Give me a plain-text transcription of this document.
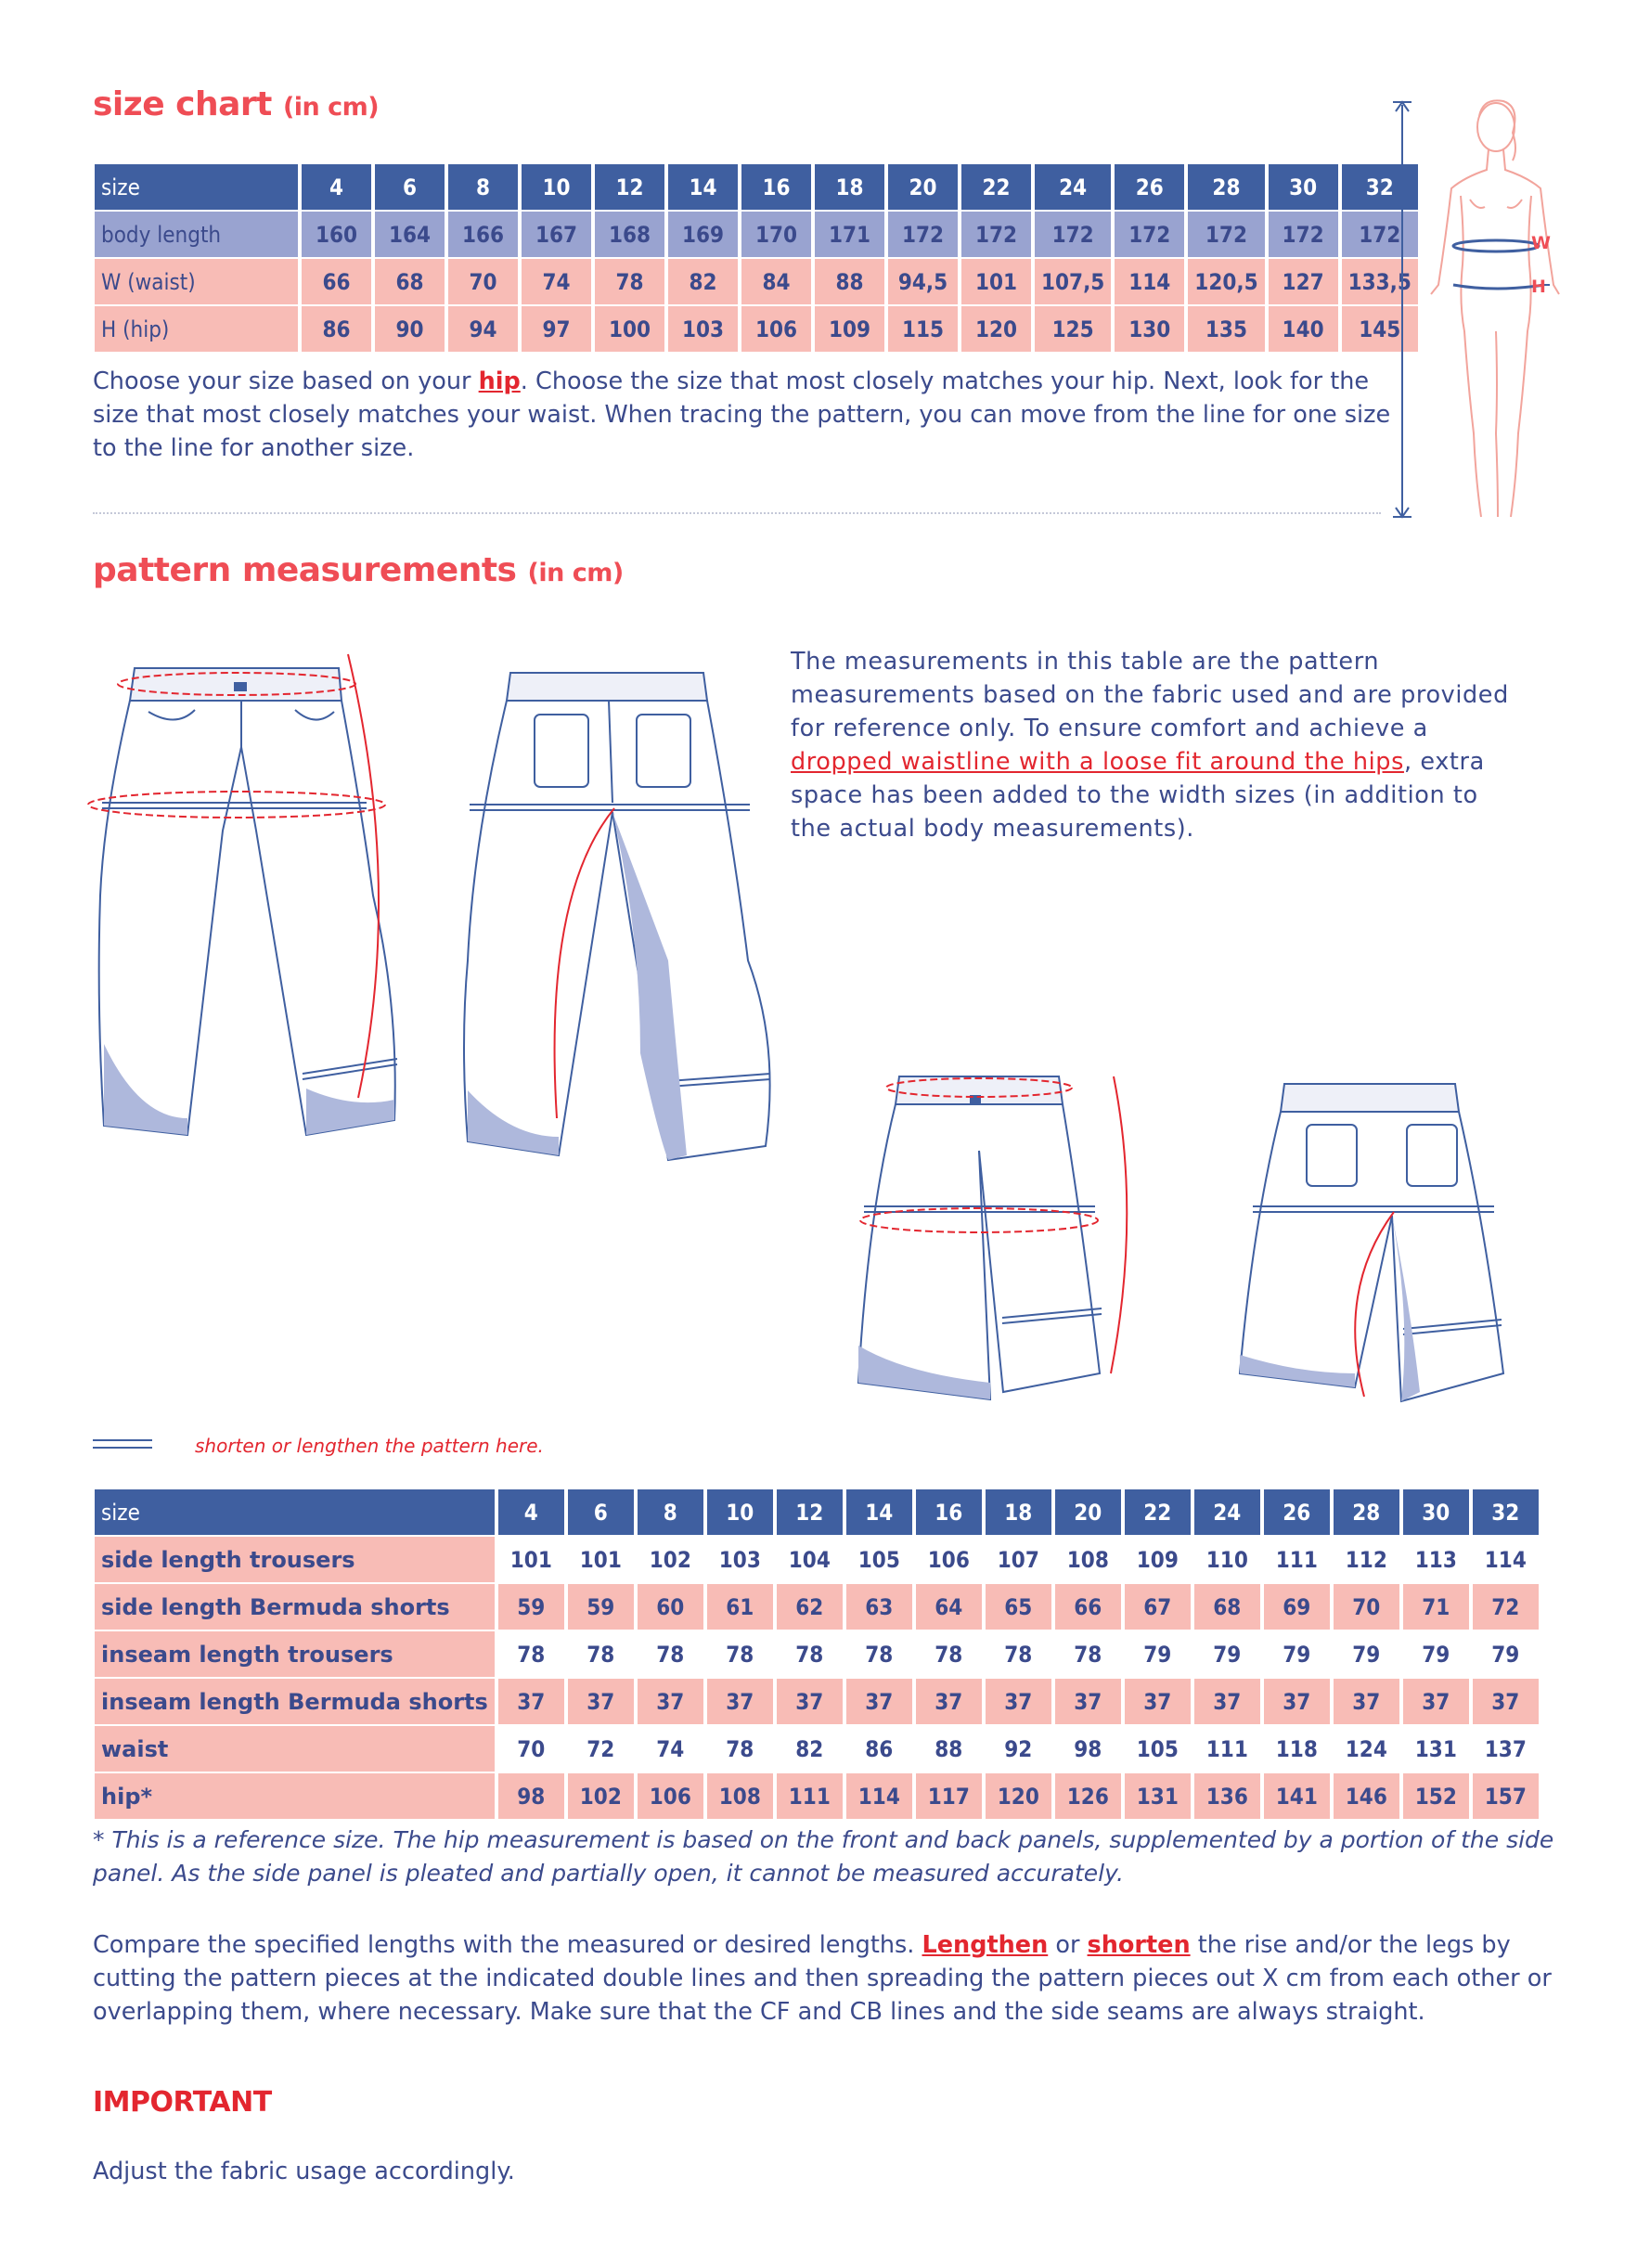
size chart (in cm)
size	4	6	8	10	12	14	16	18	20	22	24	26	28	30	32
body length	160	164	166	167	168	169	170	171	172	172	172	172	172	172	172
W (waist)	66	68	70	74	78	82	84	88	94,5	101	107,5	114	120,5	127	133,5
H (hip)	86	90	94	97	100	103	106	109	115	120	125	130	135	140	145
Choose your size based on your hip. Choose the size that most closely matches your hip. Next, look for the size that most closely matches your waist. When tracing the pattern, you can move from the line for one size to the line for another size.
W
H
pattern measurements (in cm)
The measurements in this table are the pattern measurements based on the fabric used and are provided for reference only. To ensure comfort and achieve a dropped waistline with a loose fit around the hips, extra space has been added to the width sizes (in addition to the actual body measurements).
shorten or lengthen the pattern here.
size	4	6	8	10	12	14	16	18	20	22	24	26	28	30	32
side length trousers	101	101	102	103	104	105	106	107	108	109	110	111	112	113	114
side length Bermuda shorts	59	59	60	61	62	63	64	65	66	67	68	69	70	71	72
inseam length trousers	78	78	78	78	78	78	78	78	78	79	79	79	79	79	79
inseam length Bermuda shorts	37	37	37	37	37	37	37	37	37	37	37	37	37	37	37
waist	70	72	74	78	82	86	88	92	98	105	111	118	124	131	137
hip*	98	102	106	108	111	114	117	120	126	131	136	141	146	152	157
* This is a reference size. The hip measurement is based on the front and back panels, supplemented by a portion of the side panel. As the side panel is pleated and partially open, it cannot be measured accurately.
Compare the specified lengths with the measured or desired lengths. Lengthen or shorten the rise and/or the legs by cutting the pattern pieces at the indicated double lines and then spreading the pattern pieces out X cm from each other or overlapping them, where necessary. Make sure that the CF and CB lines and the side seams are always straight.
IMPORTANT
Adjust the fabric usage accordingly.
